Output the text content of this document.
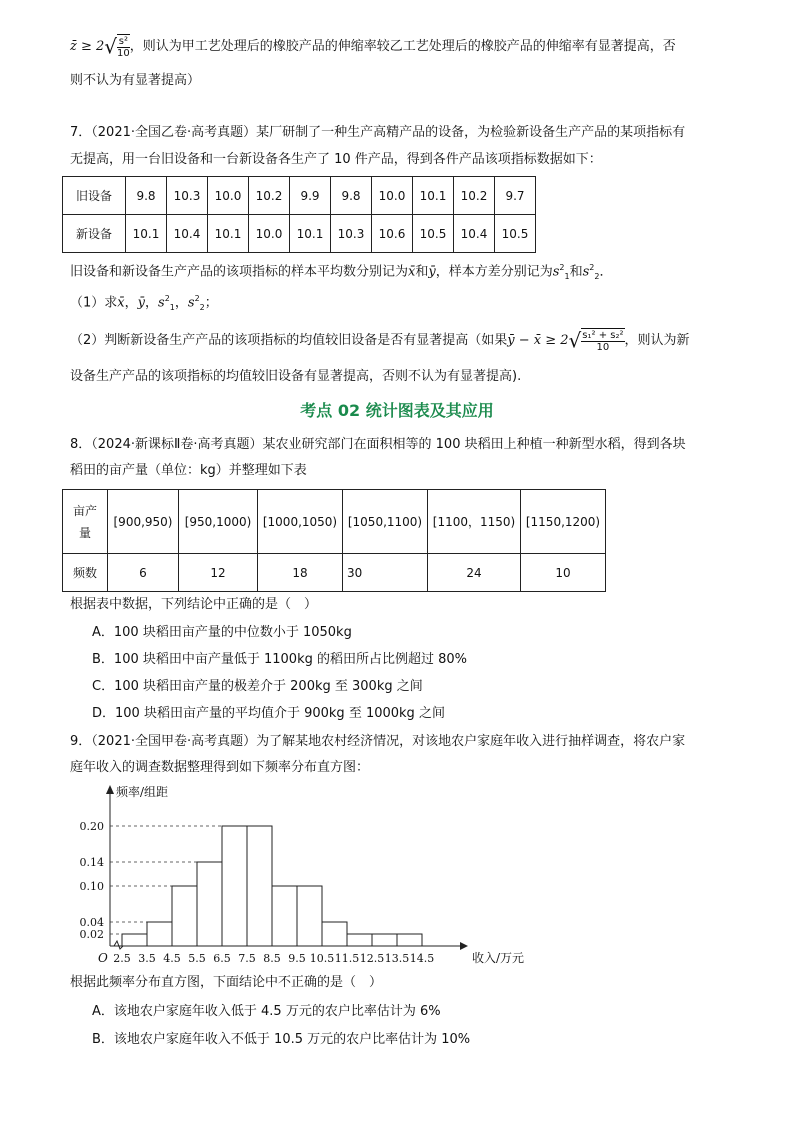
z̄ ≥ $2√ \frac{\text{s²}}{10}$ ，则认为甲工艺处理后的橡胶产品的伸缩率较乙工艺处理后的橡胶产品的伸缩率有显著提高，否
则不认为有显著提高）
7．（2021·全国乙卷·高考真题）某厂研制了一种生产高精产品的设备，为检验新设备生产产品的某项指标有
无提高，用一台旧设备和一台新设备各生产了 10 件产品，得到各件产品该项指标数据如下：
旧设备	9.8	10.3	10.0	10.2	9.9	9.8	10.0	10.1	10.2	9.7
新设备	10.1	10.4	10.1	10.0	10.1	10.3	10.6	10.5	10.4	10.5
旧设备和新设备生产产品的该项指标的样本平均数分别记为x̄和ȳ，样本方差分别记为$s^2_1$和$s^2_2$．
（1）求x̄，ȳ，$s^2_1$，$s^2_2$；
（2）判断新设备生产产品的该项指标的均值较旧设备是否有显著提高（如果ȳ − x̄ ≥ $2√ \frac{\text{s₁² + s₂²}}{10}$ ，则认为新
设备生产产品的该项指标的均值较旧设备有显著提高，否则不认为有显著提高).
考点 02 统计图表及其应用
8．（2024·新课标Ⅱ卷·高考真题）某农业研究部门在面积相等的 100 块稻田上种植一种新型水稻，得到各块
稻田的亩产量（单位：kg）并整理如下表
亩产
量	[900,950)	[950,1000)	[1000,1050)	[1050,1100)	[1100，1150)	[1150,1200)
频数	6	12	18	30	24	10
根据表中数据，下列结论中正确的是（　）
A．100 块稻田亩产量的中位数小于 1050kg
B．100 块稻田中亩产量低于 1100kg 的稻田所占比例超过 80%
C．100 块稻田亩产量的极差介于 200kg 至 300kg 之间
D．100 块稻田亩产量的平均值介于 900kg 至 1000kg 之间
9．（2021·全国甲卷·高考真题）为了解某地农村经济情况，对该地农户家庭年收入进行抽样调查，将农户家
庭年收入的调查数据整理得到如下频率分布直方图：
0.02
0.04
0.10
0.14
0.20
2.5 3.5 4.5 5.5 6.5 7.5 8.5 9.5 10.5 11.5 12.5 13.5 14.5
O
频率/组距
收入/万元
根据此频率分布直方图，下面结论中不正确的是（　）
A．该地农户家庭年收入低于 4.5 万元的农户比率估计为 6%
B．该地农户家庭年收入不低于 10.5 万元的农户比率估计为 10%
